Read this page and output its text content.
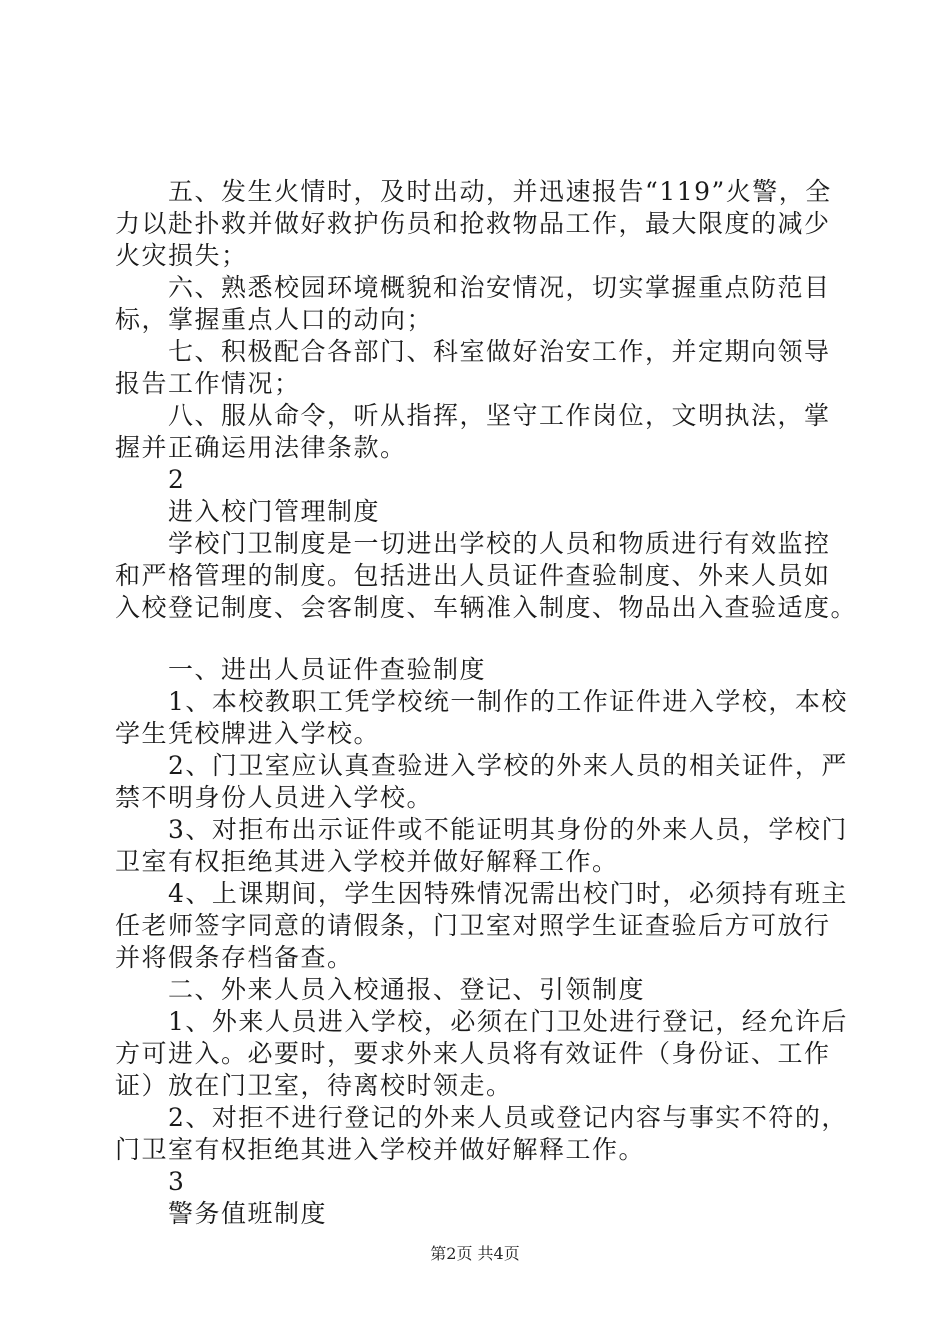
　　五、发生火情时，及时出动，并迅速报告“119”火警，全
力以赴扑救并做好救护伤员和抢救物品工作，最大限度的减少
火灾损失；
　　六、熟悉校园环境概貌和治安情况，切实掌握重点防范目
标，掌握重点人口的动向；
　　七、积极配合各部门、科室做好治安工作，并定期向领导
报告工作情况；
　　八、服从命令，听从指挥，坚守工作岗位，文明执法，掌
握并正确运用法律条款。
　　2
　　进入校门管理制度
　　学校门卫制度是一切进出学校的人员和物质进行有效监控
和严格管理的制度。包括进出人员证件查验制度、外来人员如
入校登记制度、会客制度、车辆准入制度、物品出入查验适度。
　　一、进出人员证件查验制度
　　1、本校教职工凭学校统一制作的工作证件进入学校，本校
学生凭校牌进入学校。
　　2、门卫室应认真查验进入学校的外来人员的相关证件，严
禁不明身份人员进入学校。
　　3、对拒布出示证件或不能证明其身份的外来人员，学校门
卫室有权拒绝其进入学校并做好解释工作。
　　4、上课期间，学生因特殊情况需出校门时，必须持有班主
任老师签字同意的请假条，门卫室对照学生证查验后方可放行
并将假条存档备查。
　　二、外来人员入校通报、登记、引领制度
　　1、外来人员进入学校，必须在门卫处进行登记，经允许后
方可进入。必要时，要求外来人员将有效证件（身份证、工作
证）放在门卫室，待离校时领走。
　　2、对拒不进行登记的外来人员或登记内容与事实不符的，
门卫室有权拒绝其进入学校并做好解释工作。
　　3
　　警务值班制度
第2页 共4页
